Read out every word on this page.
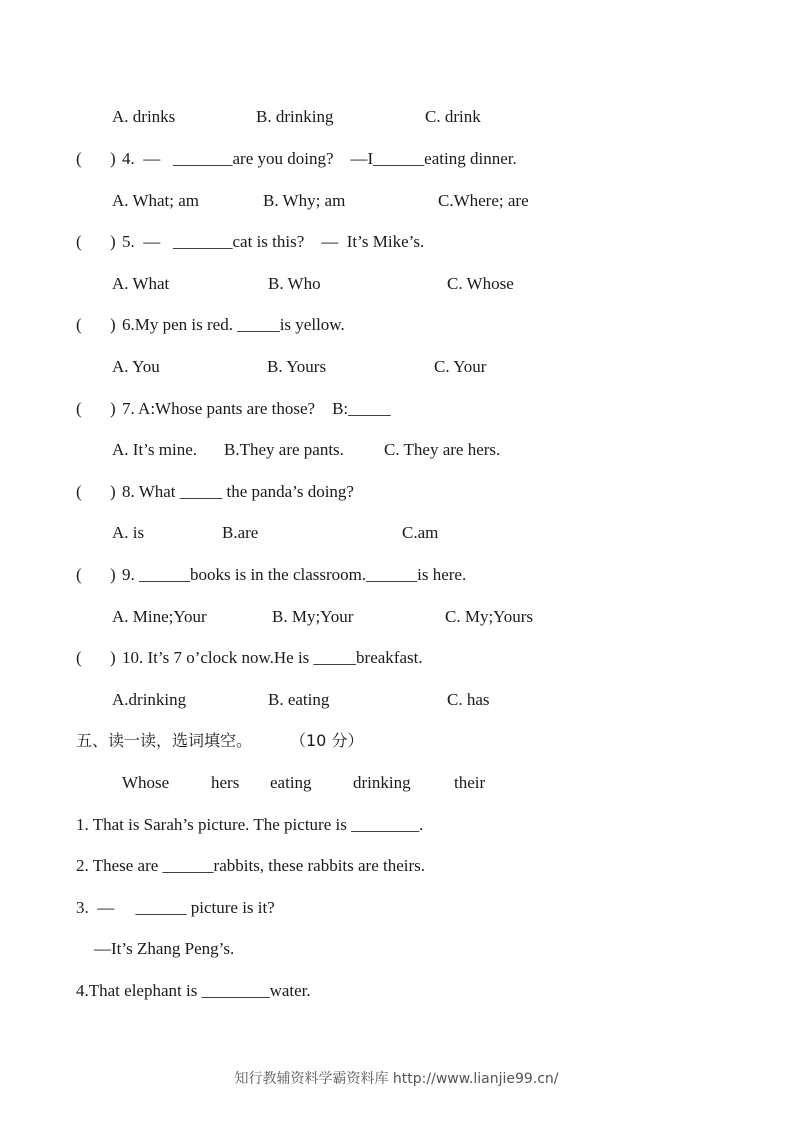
A. drinks	B. drinking	C. drink
( ) 4.  —   _______are you doing?    —I______eating dinner.
A. What; am	B. Why; am	C.Where; are
( ) 5.  —   _______cat is this?    —  It’s Mike’s.
A. What	B. Who	C. Whose
( ) 6.My pen is red. _____is yellow.
A. You	B. Yours	C. Your
( ) 7. A:Whose pants are those?    B:_____
A. It’s mine. B.They are pants. C. They are hers.
( ) 8. What _____ the panda’s doing?
A. is	B.are	C.am
( ) 9. ______books is in the classroom.______is here.
A. Mine;Your	B. My;Your	C. My;Yours
( ) 10. It’s 7 o’clock now.He is _____breakfast.
A.drinking	B. eating	C. has
五、读一读，选词填空。 （10 分）
Whose hers eating drinking	their
1. That is Sarah’s picture. The picture is ________.
2. These are ______rabbits, these rabbits are theirs.
3.  —     ______ picture is it?
—It’s Zhang Peng’s.
4.That elephant is ________water.
知行教辅资料学霸资料库 http://www.lianjie99.cn/
